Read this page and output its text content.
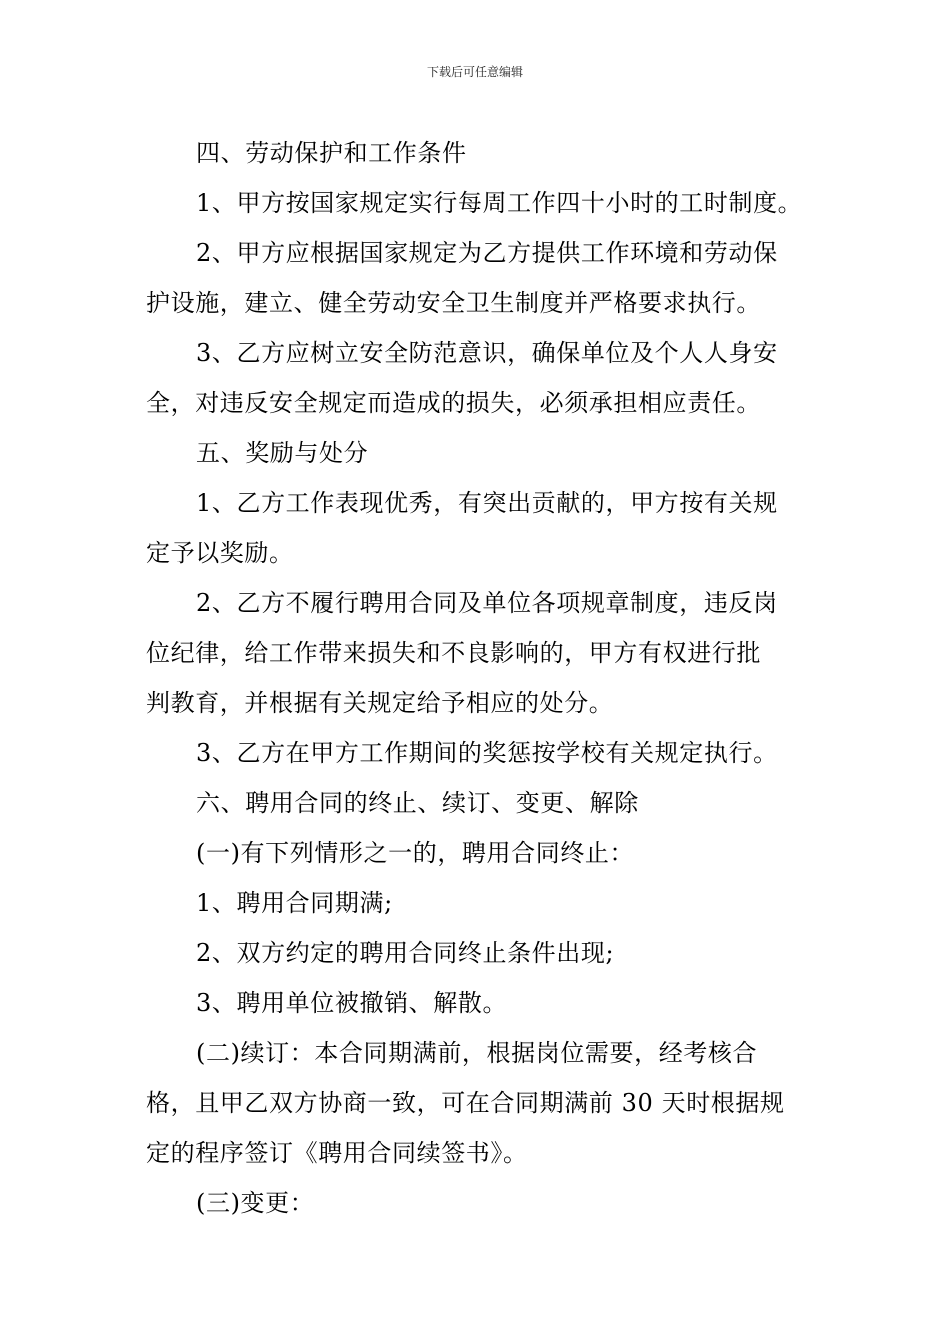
下载后可任意编辑
四、劳动保护和工作条件
1、甲方按国家规定实行每周工作四十小时的工时制度。
2、甲方应根据国家规定为乙方提供工作环境和劳动保
护设施，建立、健全劳动安全卫生制度并严格要求执行。
3、乙方应树立安全防范意识，确保单位及个人人身安
全，对违反安全规定而造成的损失，必须承担相应责任。
五、奖励与处分
1、乙方工作表现优秀，有突出贡献的，甲方按有关规
定予以奖励。
2、乙方不履行聘用合同及单位各项规章制度，违反岗
位纪律，给工作带来损失和不良影响的，甲方有权进行批
判教育，并根据有关规定给予相应的处分。
3、乙方在甲方工作期间的奖惩按学校有关规定执行。
六、聘用合同的终止、续订、变更、解除
(一)有下列情形之一的，聘用合同终止：
1、聘用合同期满;
2、双方约定的聘用合同终止条件出现;
3、聘用单位被撤销、解散。
(二)续订：本合同期满前，根据岗位需要，经考核合
格，且甲乙双方协商一致，可在合同期满前 30 天时根据规
定的程序签订《聘用合同续签书》。
(三)变更：
